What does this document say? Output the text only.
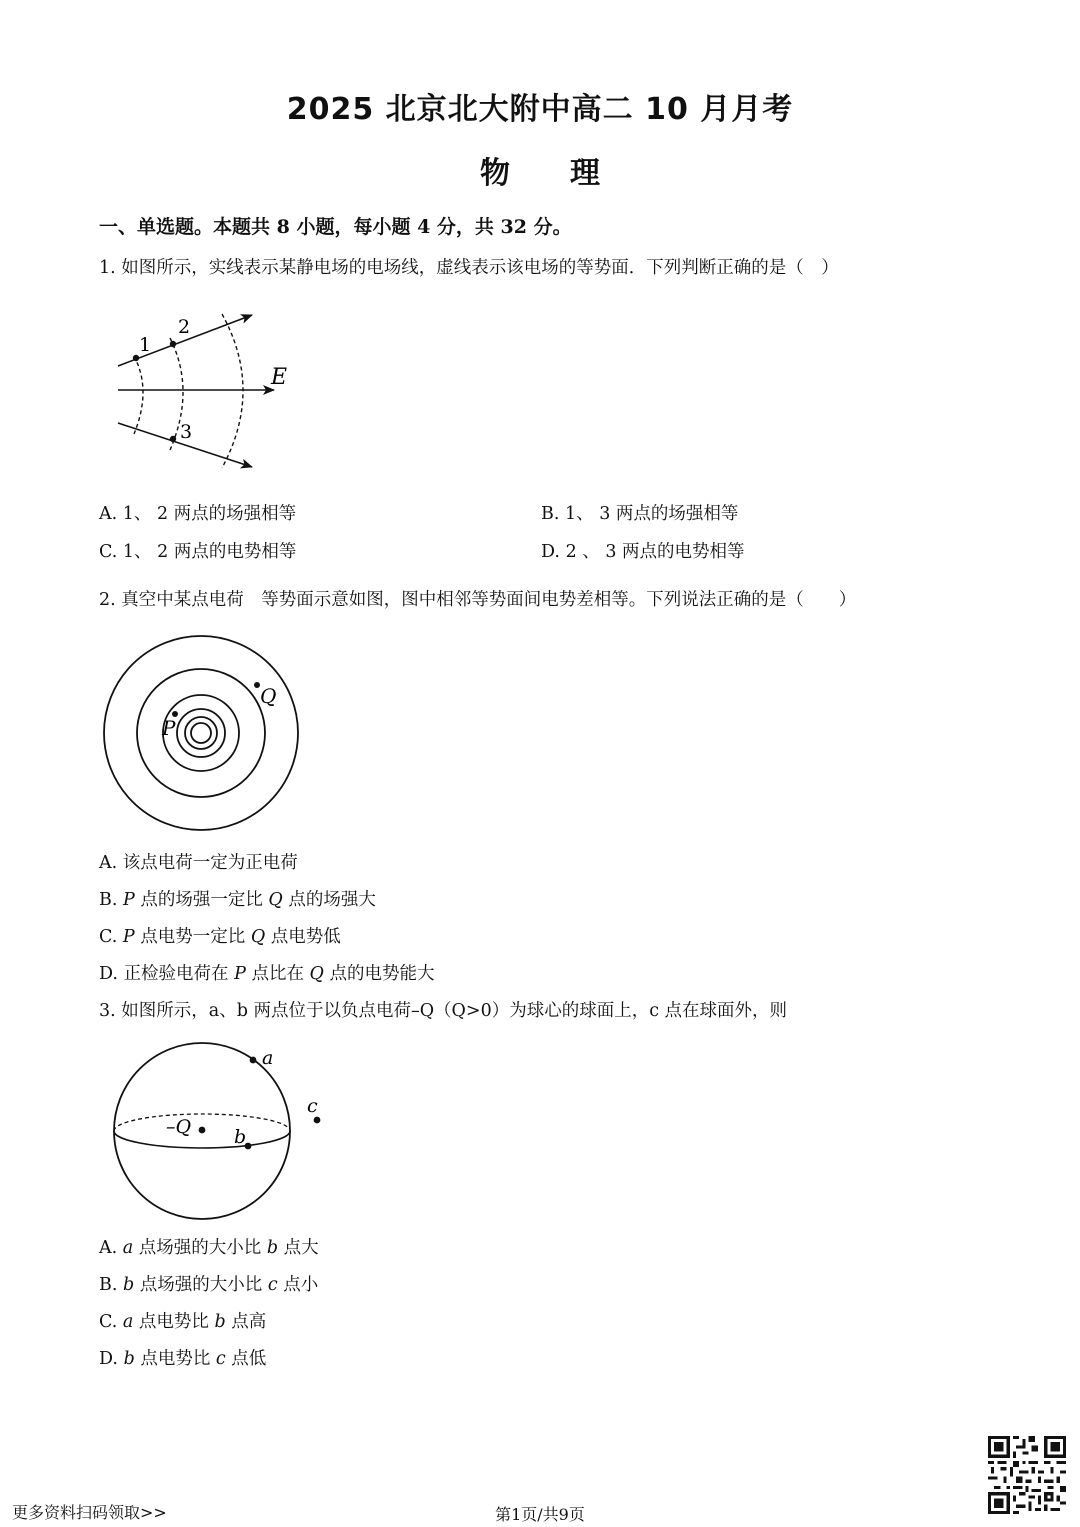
2025 北京北大附中高二 10 月月考
物　　理
一、单选题。本题共 8 小题，每小题 4 分，共 32 分。
1. 如图所示，实线表示某静电场的电场线，虚线表示该电场的等势面．下列判断正确的是（　）
1
2
3
E
A. 1、 2 两点的场强相等	B. 1、 3 两点的场强相等
C. 1、 2 两点的电势相等	D. 2 、 3 两点的电势相等
2. 真空中某点电荷　等势面示意如图，图中相邻等势面间电势差相等。下列说法正确的是（　　）
P
Q
A. 该点电荷一定为正电荷
B. P 点的场强一定比 Q 点的场强大
C. P 点电势一定比 Q 点电势低
D. 正检验电荷在 P 点比在 Q 点的电势能大
3. 如图所示，a、b 两点位于以负点电荷–Q（Q>0）为球心的球面上，c 点在球面外，则
–Q
a
b
c
A. a 点场强的大小比 b 点大
B. b 点场强的大小比 c 点小
C. a 点电势比 b 点高
D. b 点电势比 c 点低
更多资料扫码领取>>	第1页/共9页
